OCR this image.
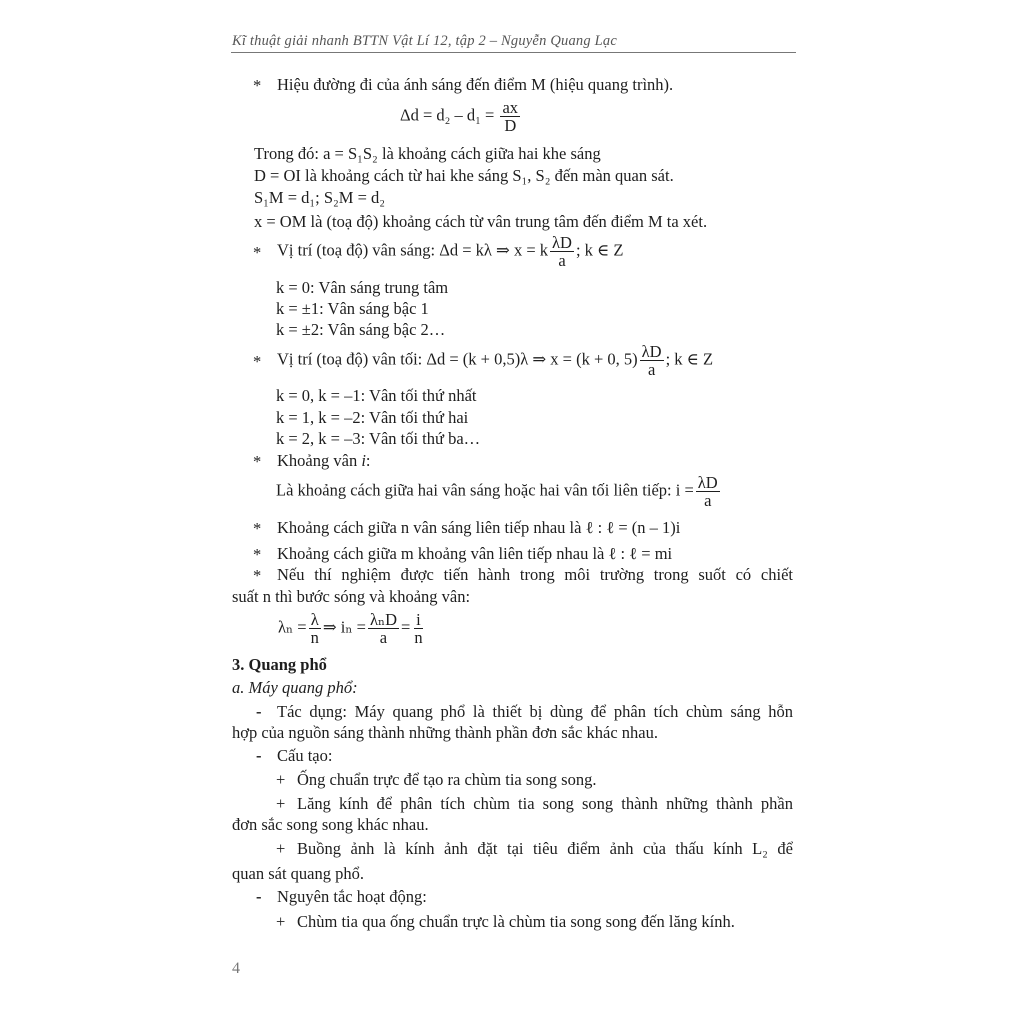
Kĩ thuật giải nhanh BTTN Vật Lí 12, tập 2 – Nguyễn Quang Lạc
* Hiệu đường đi của ánh sáng đến điểm M (hiệu quang trình).
$\Delta d = d_2 - d_1 = \frac{ax}{D}$
Trong đó: a = S₁S₂ là khoảng cách giữa hai khe sáng
D = OI là khoảng cách từ hai khe sáng S₁, S₂ đến màn quan sát.
S₁M = d₁; S₂M = d₂
x = OM là (toạ độ) khoảng cách từ vân trung tâm đến điểm M ta xét.
* Vị trí (toạ độ) vân sáng: Δd = kλ ⇒ x = k $\frac{\lambda D}{a}$ ; k ∈ Z
k = 0: Vân sáng trung tâm
k = ±1: Vân sáng bậc 1
k = ±2: Vân sáng bậc 2…
* Vị trí (toạ độ) vân tối: Δd = (k + 0,5)λ ⇒ x = (k + 0, $5) \frac{\lambda D}{a}$ ; k ∈ Z
k = 0, k = –1: Vân tối thứ nhất
k = 1, k = –2: Vân tối thứ hai
k = 2, k = –3: Vân tối thứ ba…
* Khoảng vân i:
Là khoảng cách giữa hai vân sáng hoặc hai vân tối liên tiếp: $i = \frac{\lambda D}{a}$
* Khoảng cách giữa n vân sáng liên tiếp nhau là ℓ : ℓ = (n – 1)i
* Khoảng cách giữa m khoảng vân liên tiếp nhau là ℓ : ℓ = mi
* Nếu thí nghiệm được tiến hành trong môi trường trong suốt có chiết
suất n thì bước sóng và khoảng vân:
$\lambda_n = \frac{\lambda}{n}$ ⇒ $i_n = \frac{\text{λₙD}}{a} = \frac{i}{n}$
3. Quang phổ
a. Máy quang phổ:
- Tác dụng: Máy quang phổ là thiết bị dùng để phân tích chùm sáng hỗn
hợp của nguồn sáng thành những thành phần đơn sắc khác nhau.
- Cấu tạo:
+ Ống chuẩn trực để tạo ra chùm tia song song.
+ Lăng kính để phân tích chùm tia song song thành những thành phần
đơn sắc song song khác nhau.
+ Buồng ảnh là kính ảnh đặt tại tiêu điểm ảnh của thấu kính L₂ để
quan sát quang phổ.
- Nguyên tắc hoạt động:
+ Chùm tia qua ống chuẩn trực là chùm tia song song đến lăng kính.
4
